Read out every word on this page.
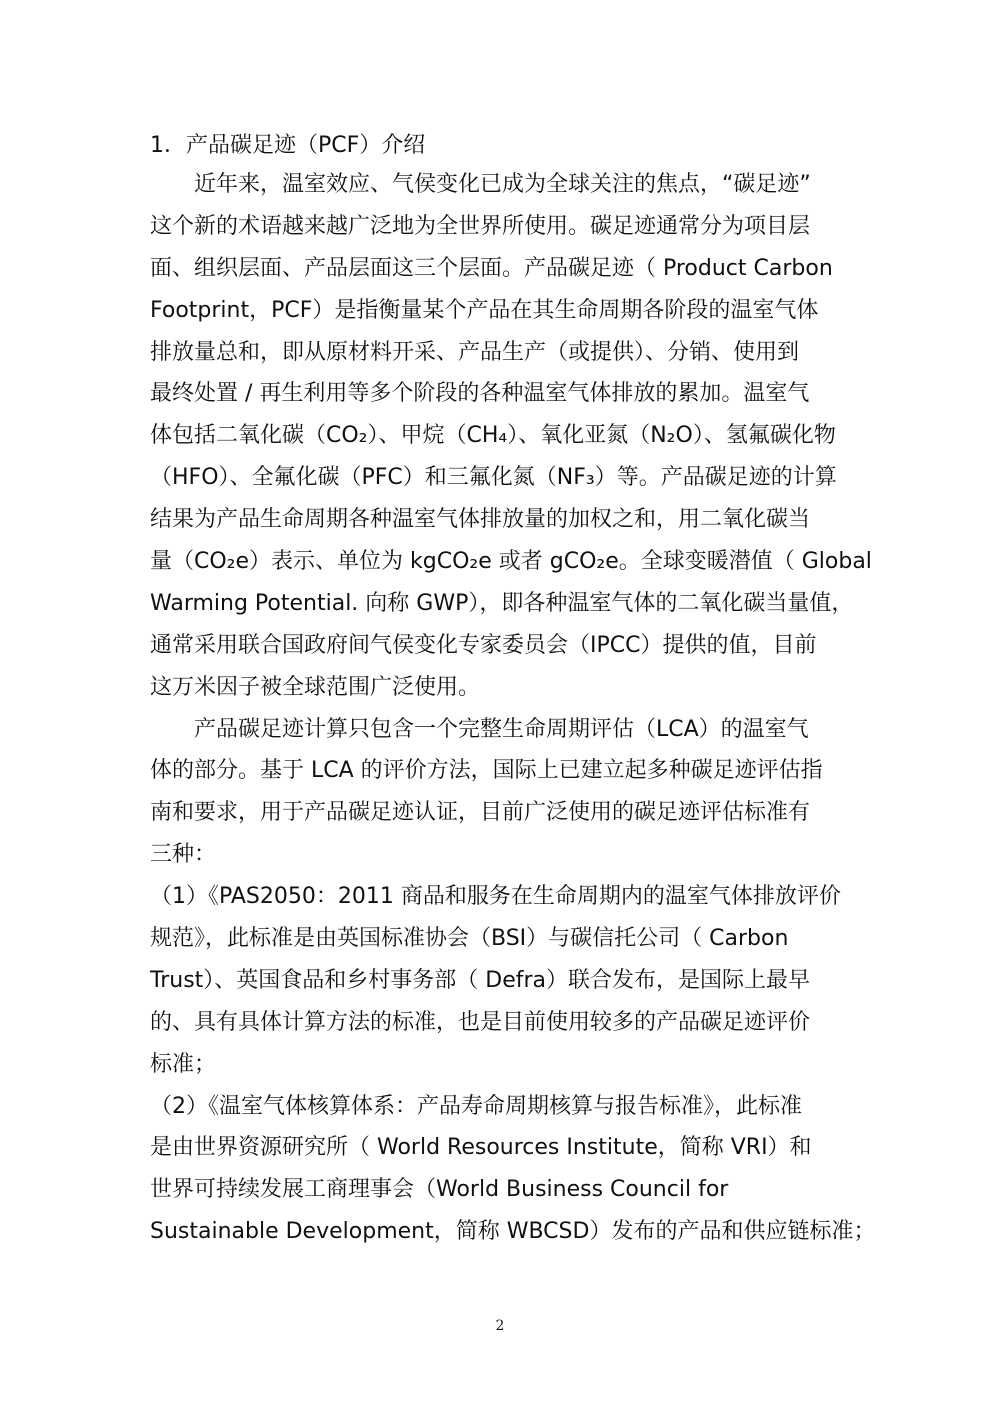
1．产品碳足迹（PCF）介绍
　　近年来，温室效应、气侯变化已成为全球关注的焦点，“碳足迹”
这个新的术语越来越广泛地为全世界所使用。碳足迹通常分为项目层
面、组织层面、产品层面这三个层面。产品碳足迹（ Product Carbon
Footprint，PCF）是指衡量某个产品在其生命周期各阶段的温室气体
排放量总和，即从原材料开采、产品生产（或提供）、分销、使用到
最终处置 / 再生利用等多个阶段的各种温室气体排放的累加。温室气
体包括二氧化碳（CO₂）、甲烷（CH₄）、氧化亚氮（N₂O）、氢氟碳化物
（HFO）、全氟化碳（PFC）和三氟化氮（NF₃）等。产品碳足迹的计算
结果为产品生命周期各种温室气体排放量的加权之和，用二氧化碳当
量（CO₂e）表示、单位为 kgCO₂e 或者 gCO₂e。全球变暖潜值（ Global
Warming Potential. 向称 GWP），即各种温室气体的二氧化碳当量值，
通常采用联合国政府间气侯变化专家委员会（IPCC）提供的值，目前
这万米因子被全球范围广泛使用。
　　产品碳足迹计算只包含一个完整生命周期评估（LCA）的温室气
体的部分。基于 LCA 的评价方法，国际上已建立起多种碳足迹评估指
南和要求，用于产品碳足迹认证，目前广泛使用的碳足迹评估标准有
三种：
（1）《PAS2050：2011 商品和服务在生命周期内的温室气体排放评价
规范》，此标准是由英国标准协会（BSI）与碳信托公司（ Carbon
Trust）、英国食品和乡村事务部（ Defra）联合发布，是国际上最早
的、具有具体计算方法的标准，也是目前使用较多的产品碳足迹评价
标准；
（2）《温室气体核算体系：产品寿命周期核算与报告标准》，此标准
是由世界资源研究所（ World Resources Institute，简称 VRI）和
世界可持续发展工商理事会（World Business Council for
Sustainable Development，简称 WBCSD）发布的产品和供应链标准；
2
